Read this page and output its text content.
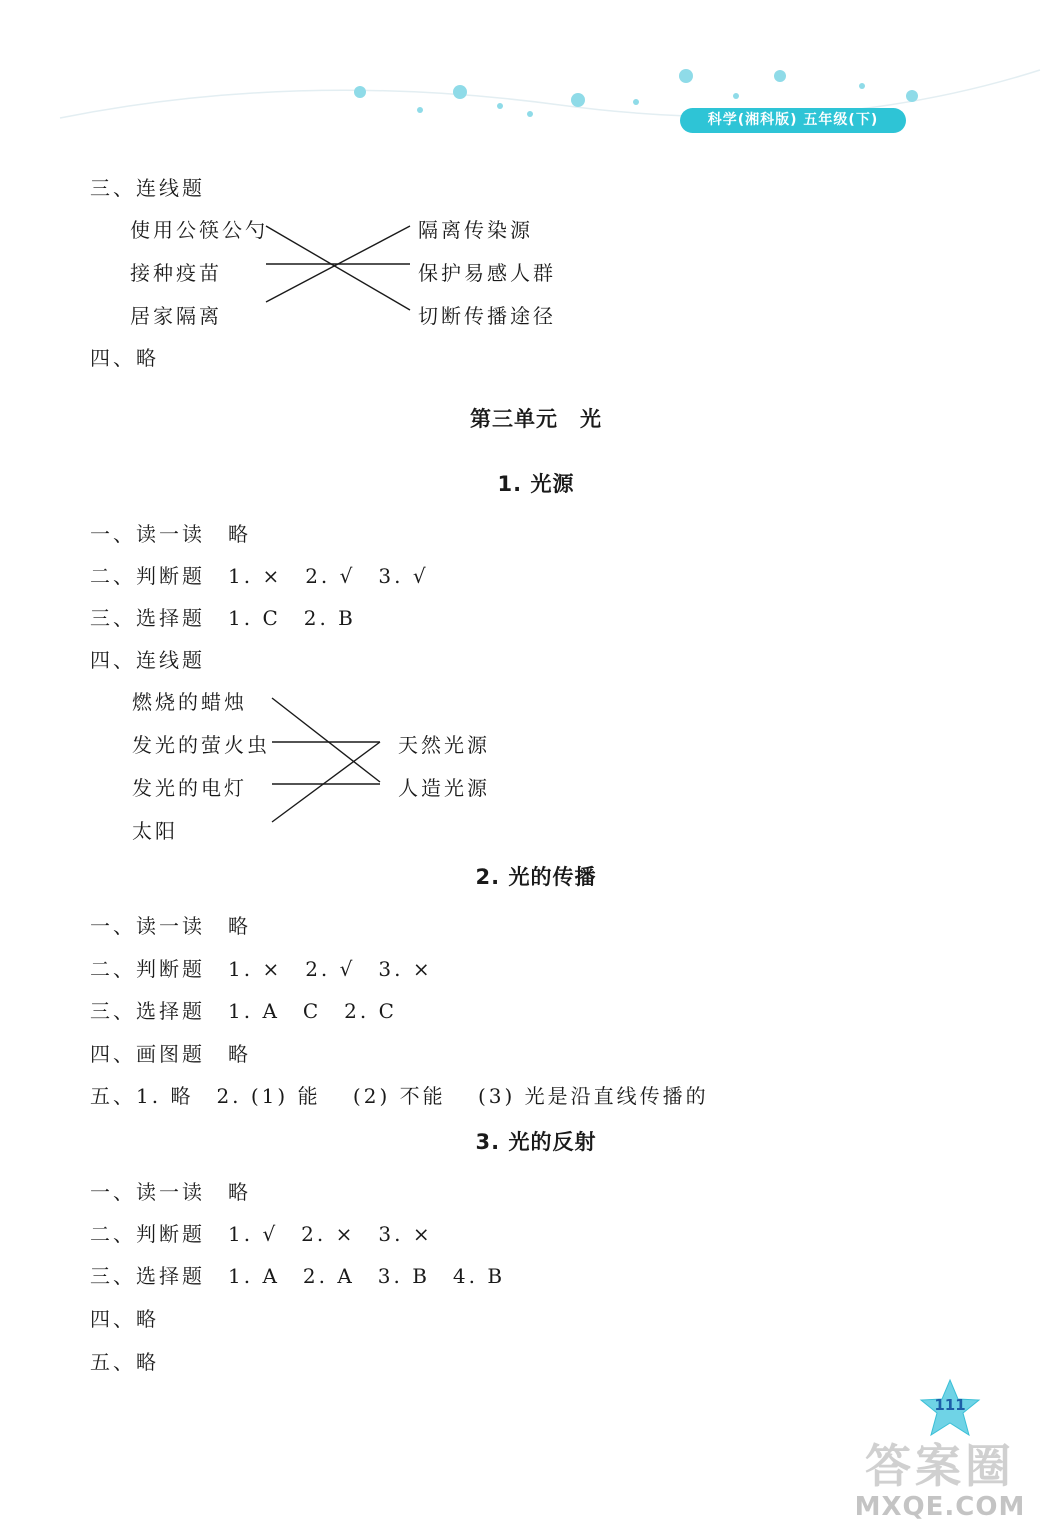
科学(湘科版) 五年级(下)
三、连线题
使用公筷公勺
接种疫苗
居家隔离
隔离传染源
保护易感人群
切断传播途径
四、略
第三单元　光
1. 光源
一、读一读　略
二、判断题　1. ×　2. √　3. √
三、选择题　1. C　2. B
四、连线题
燃烧的蜡烛
发光的萤火虫
发光的电灯
太阳
天然光源
人造光源
2. 光的传播
一、读一读　略
二、判断题　1. ×　2. √　3. ×
三、选择题　1. A　C　2. C
四、画图题　略
五、1. 略　2. (1) 能　 (2) 不能　 (3) 光是沿直线传播的
3. 光的反射
一、读一读　略
二、判断题　1. √　2. ×　3. ×
三、选择题　1. A　2. A　3. B　4. B
四、略
五、略
111
答案圈
MXQE.COM
